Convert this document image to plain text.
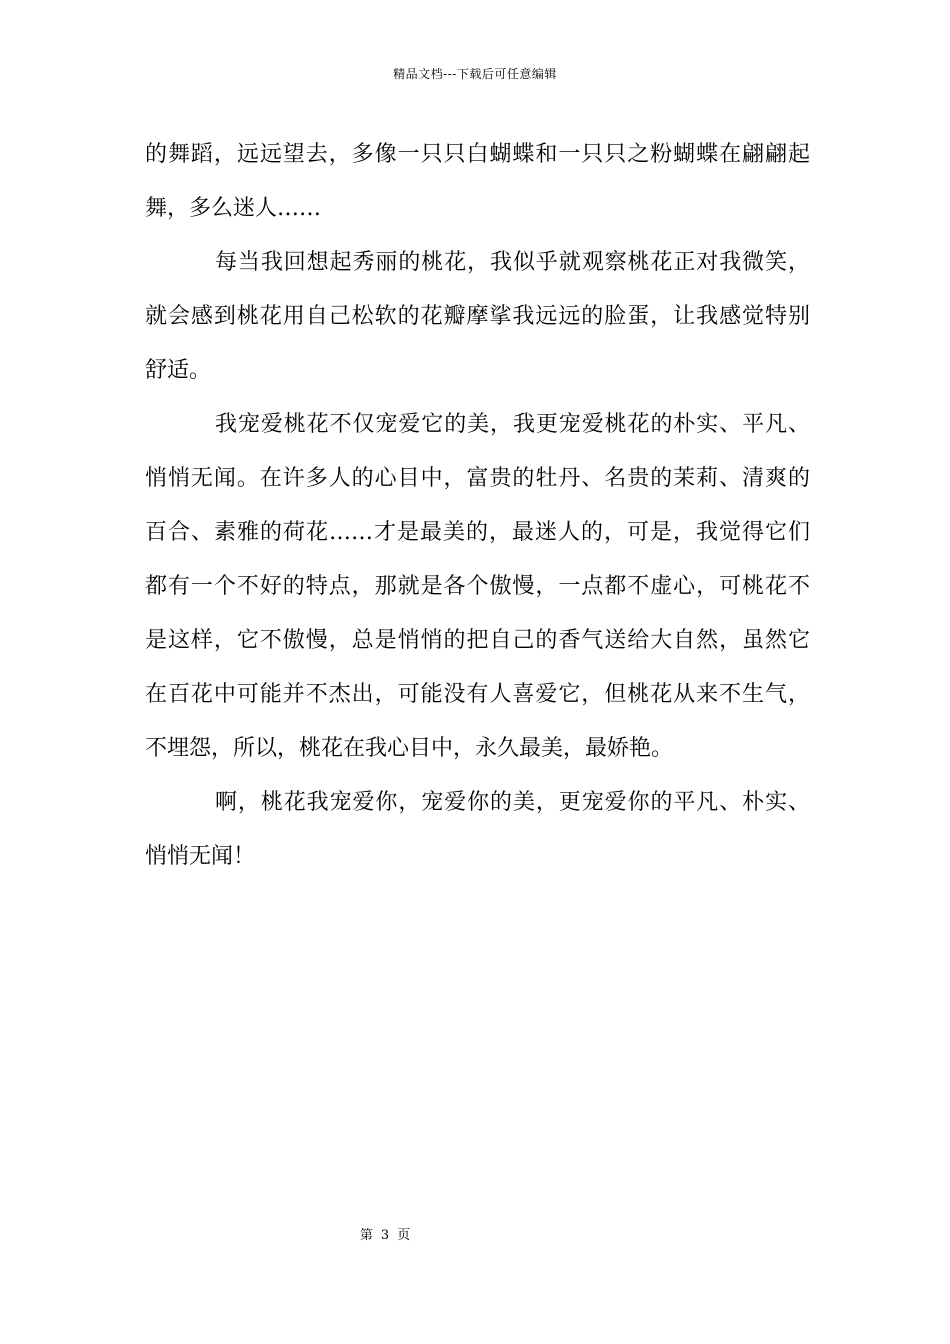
精品文档---下载后可任意编辑
的舞蹈，远远望去，多像一只只白蝴蝶和一只只之粉蝴蝶在翩翩起
舞，多么迷人……
每当我回想起秀丽的桃花，我似乎就观察桃花正对我微笑，
就会感到桃花用自己松软的花瓣摩挲我远远的脸蛋，让我感觉特别
舒适。
我宠爱桃花不仅宠爱它的美，我更宠爱桃花的朴实、平凡、
悄悄无闻。在许多人的心目中，富贵的牡丹、名贵的茉莉、清爽的
百合、素雅的荷花……才是最美的，最迷人的，可是，我觉得它们
都有一个不好的特点，那就是各个傲慢，一点都不虚心，可桃花不
是这样，它不傲慢，总是悄悄的把自己的香气送给大自然，虽然它
在百花中可能并不杰出，可能没有人喜爱它，但桃花从来不生气，
不埋怨，所以，桃花在我心目中，永久最美，最娇艳。
啊，桃花我宠爱你，宠爱你的美，更宠爱你的平凡、朴实、
悄悄无闻！
第 3 页
